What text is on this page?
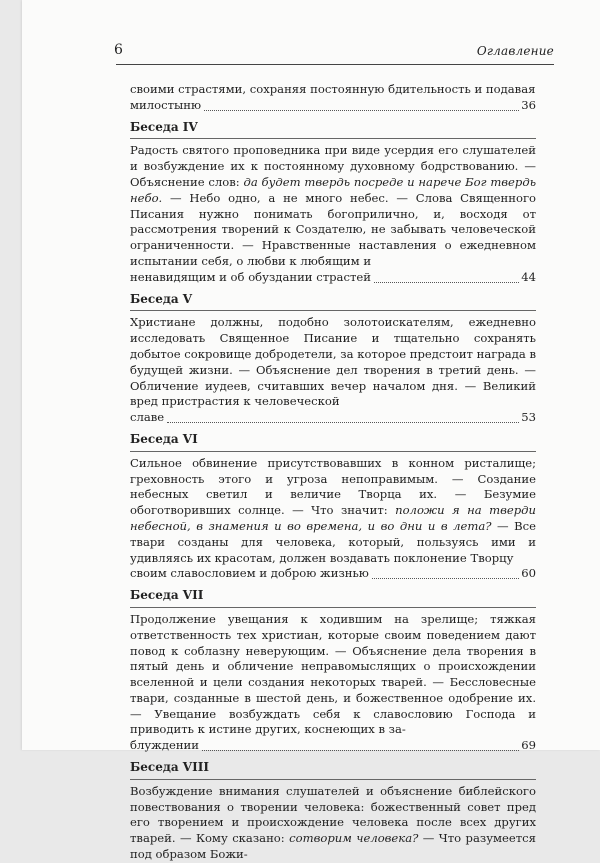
6	Оглавление

своими страстями, сохраняя постоянную бдительность и подавая

милостыню	36
Беседа IV

Радость святого проповедника при виде усердия его слушателей и возбуждение их к постоянному духовному бодрствованию. — Объяснение слов: да будет твердь посреде и нарече Бог твердь небо. — Небо одно, а не много небес. — Слова Священного Писания нужно понимать богоприлично, и, восходя от рассмотрения творений к Создателю, не забывать человеческой ограниченности. — Нравственные наставления о ежедневном испытании себя, о любви к любящим и

ненавидящим и об обуздании страстей	44
Беседа V

Христиане должны, подобно золотоискателям, ежедневно исследовать Священное Писание и тщательно сохранять добытое сокровище добродетели, за которое предстоит награда в будущей жизни. — Объяснение дел творения в третий день. — Обличение иудеев, считавших вечер началом дня. — Великий вред пристрастия к человеческой

славе	53
Беседа VI

Сильное обвинение присутствовавших в конном ристалище; греховность этого и угроза непоправимым. — Создание небесных светил и величие Творца их. — Безумие обоготворивших солнце. — Что значит: положи я на тверди небесной, в знамения и во времена, и во дни и в лета? — Все твари созданы для человека, который, пользуясь ими и удивляясь их красотам, должен воздавать поклонение Творцу

своим славословием и доброю жизнью	60
Беседа VII

Продолжение увещания к ходившим на зрелище; тяжкая ответственность тех христиан, которые своим поведением дают повод к соблазну неверующим. — Объяснение дела творения в пятый день и обличение неправомыслящих о происхождении вселенной и цели создания некоторых тварей. — Бессловесные твари, созданные в шестой день, и божественное одобрение их. — Увещание возбуждать себя к славословию Господа и приводить к истине других, коснеющих в за-

блуждении	69
Беседа VIII

Возбуждение внимания слушателей и объяснение библейского повествования о творении человека: божественный совет пред его творением и происхождение человека после всех других тварей. — Кому сказано: сотворим человека? — Что разумеется под образом Божи-
